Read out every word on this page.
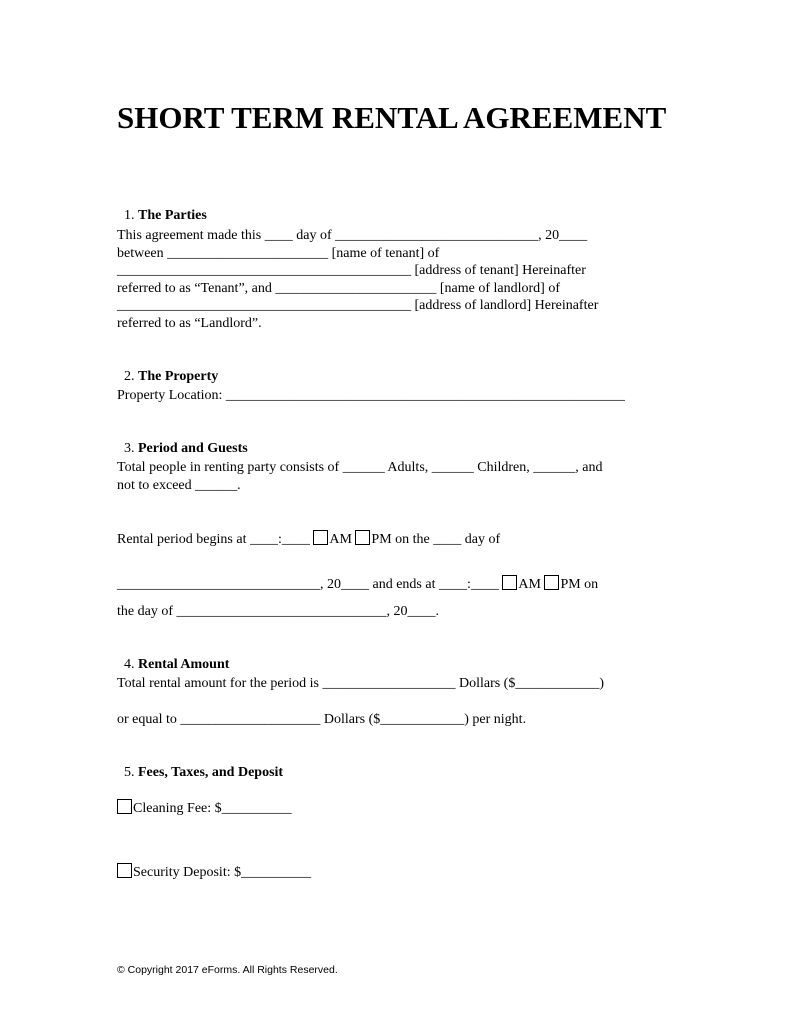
SHORT TERM RENTAL AGREEMENT

1. The Parties

This agreement made this ____ day of _____________________________, 20____
between _______________________ [name of tenant] of
__________________________________________ [address of tenant] Hereinafter
referred to as “Tenant”, and _______________________ [name of landlord] of
__________________________________________ [address of landlord] Hereinafter
referred to as “Landlord”.

2. The Property

Property Location: _________________________________________________________

3. Period and Guests

Total people in renting party consists of ______ Adults, ______ Children, ______, and
not to exceed ______.
Rental period begins at ____:____ AM PM on the ____ day of
_____________________________, 20____ and ends at ____:____ AM PM on
the day of ______________________________, 20____.

4. Rental Amount

Total rental amount for the period is ___________________ Dollars ($____________)
or equal to ____________________ Dollars ($____________) per night.

5. Fees, Taxes, and Deposit

Cleaning Fee: $__________
Security Deposit: $__________
© Copyright 2017 eForms. All Rights Reserved.
